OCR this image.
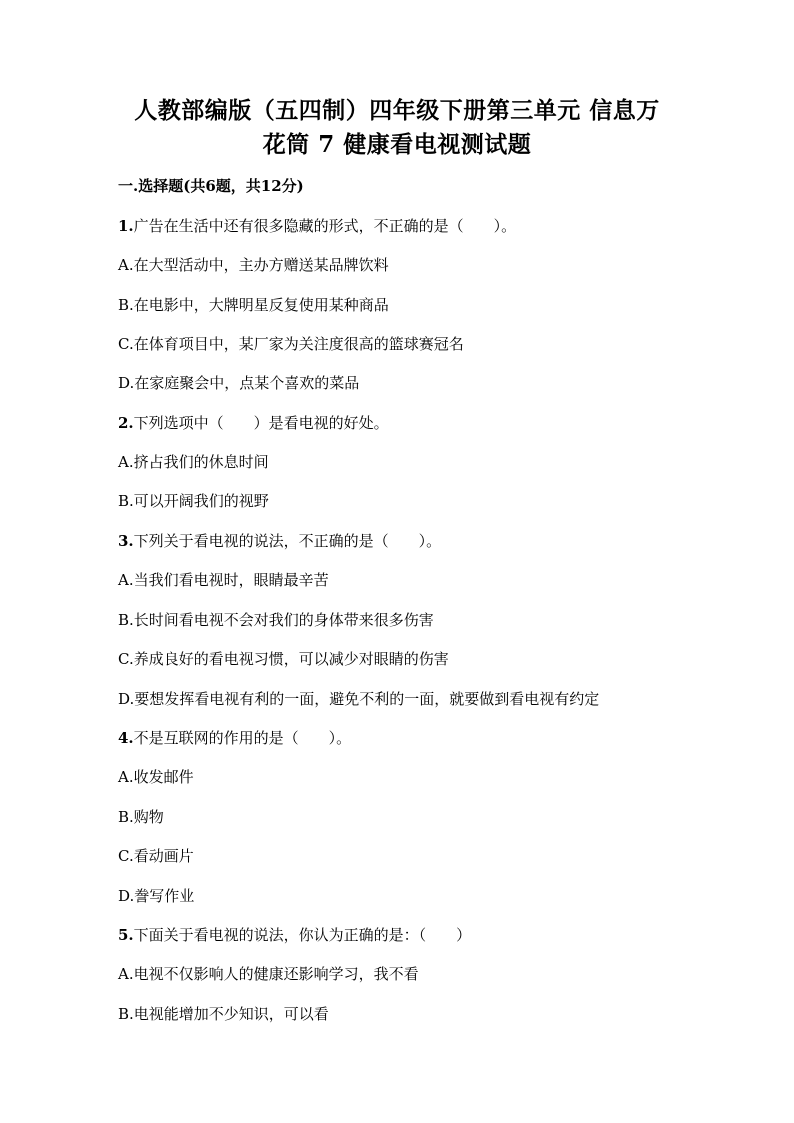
人教部编版（五四制）四年级下册第三单元 信息万
花筒 7 健康看电视测试题
一.选择题(共6题，共12分)
1.广告在生活中还有很多隐藏的形式，不正确的是（　　）。
A.在大型活动中，主办方赠送某品牌饮料
B.在电影中，大牌明星反复使用某种商品
C.在体育项目中，某厂家为关注度很高的篮球赛冠名
D.在家庭聚会中，点某个喜欢的菜品
2.下列选项中（　　）是看电视的好处。
A.挤占我们的休息时间
B.可以开阔我们的视野
3.下列关于看电视的说法，不正确的是（　　）。
A.当我们看电视时，眼睛最辛苦
B.长时间看电视不会对我们的身体带来很多伤害
C.养成良好的看电视习惯，可以减少对眼睛的伤害
D.要想发挥看电视有利的一面，避免不利的一面，就要做到看电视有约定
4.不是互联网的作用的是（　　）。
A.收发邮件
B.购物
C.看动画片
D.誊写作业
5.下面关于看电视的说法，你认为正确的是：（　　）
A.电视不仅影响人的健康还影响学习，我不看
B.电视能增加不少知识，可以看
